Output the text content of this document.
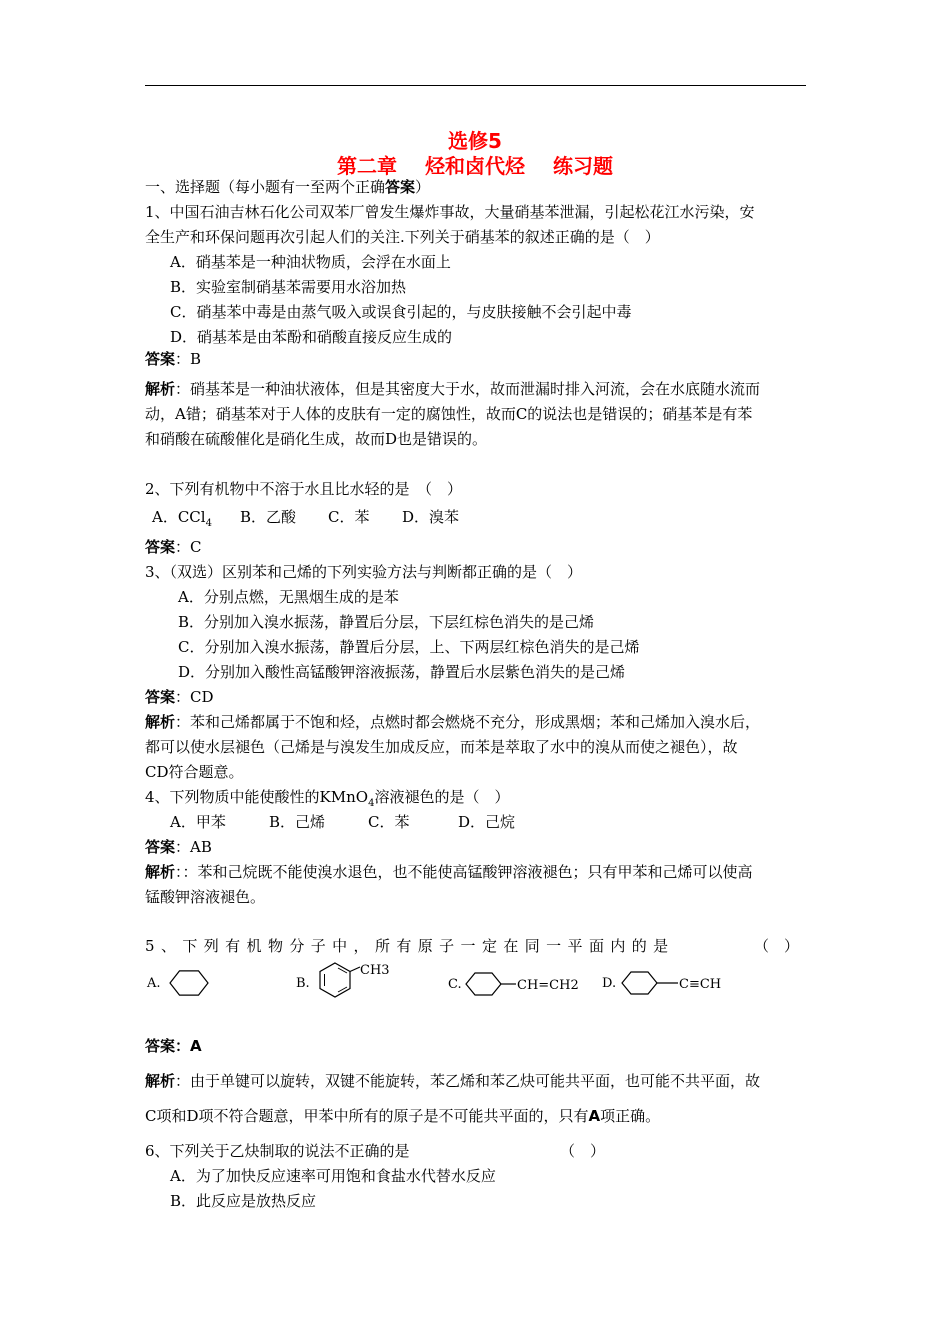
选修5
第二章 烃和卤代烃 练习题
一、选择题（每小题有一至两个正确答案）
1、中国石油吉林石化公司双苯厂曾发生爆炸事故，大量硝基苯泄漏，引起松花江水污染，安
全生产和环保问题再次引起人们的关注.下列关于硝基苯的叙述正确的是（　）
A．硝基苯是一种油状物质，会浮在水面上
B．实验室制硝基苯需要用水浴加热
C．硝基苯中毒是由蒸气吸入或误食引起的，与皮肤接触不会引起中毒
D．硝基苯是由苯酚和硝酸直接反应生成的
答案：B
解析：硝基苯是一种油状液体，但是其密度大于水，故而泄漏时排入河流，会在水底随水流而
动，A错；硝基苯对于人体的皮肤有一定的腐蚀性，故而C的说法也是错误的；硝基苯是有苯
和硝酸在硫酸催化是硝化生成，故而D也是错误的。
2、下列有机物中不溶于水且比水轻的是　（　）
A．CCl$_4$ B．乙酸 C．苯 D．溴苯
答案：C
3、（双选）区别苯和己烯的下列实验方法与判断都正确的是（　）
A．分别点燃，无黑烟生成的是苯
B．分别加入溴水振荡，静置后分层，下层红棕色消失的是己烯
C．分别加入溴水振荡，静置后分层，上、下两层红棕色消失的是己烯
D．分别加入酸性高锰酸钾溶液振荡，静置后水层紫色消失的是己烯
答案：CD
解析：苯和己烯都属于不饱和烃，点燃时都会燃烧不充分，形成黑烟；苯和己烯加入溴水后，
都可以使水层褪色（己烯是与溴发生加成反应，而苯是萃取了水中的溴从而使之褪色），故
CD符合题意。
4、下列物质中能使酸性的KMnO$_4$溶液褪色的是（　）
A．甲苯	B．己烯	C．苯	D．己烷
答案：AB
解析：：苯和己烷既不能使溴水退色，也不能使高锰酸钾溶液褪色；只有甲苯和己烯可以使高
锰酸钾溶液褪色。
5、下列有机物分子中，所有原子一定在同一平面内的是	（　）
A.	B.
CH3
C.	CH=CH2 D.	C≡CH
答案：A
解析：由于单键可以旋转，双键不能旋转，苯乙烯和苯乙炔可能共平面，也可能不共平面，故
C项和D项不符合题意，甲苯中所有的原子是不可能共平面的，只有A项正确。
6、下列关于乙炔制取的说法不正确的是	（　）
A．为了加快反应速率可用饱和食盐水代替水反应
B．此反应是放热反应
